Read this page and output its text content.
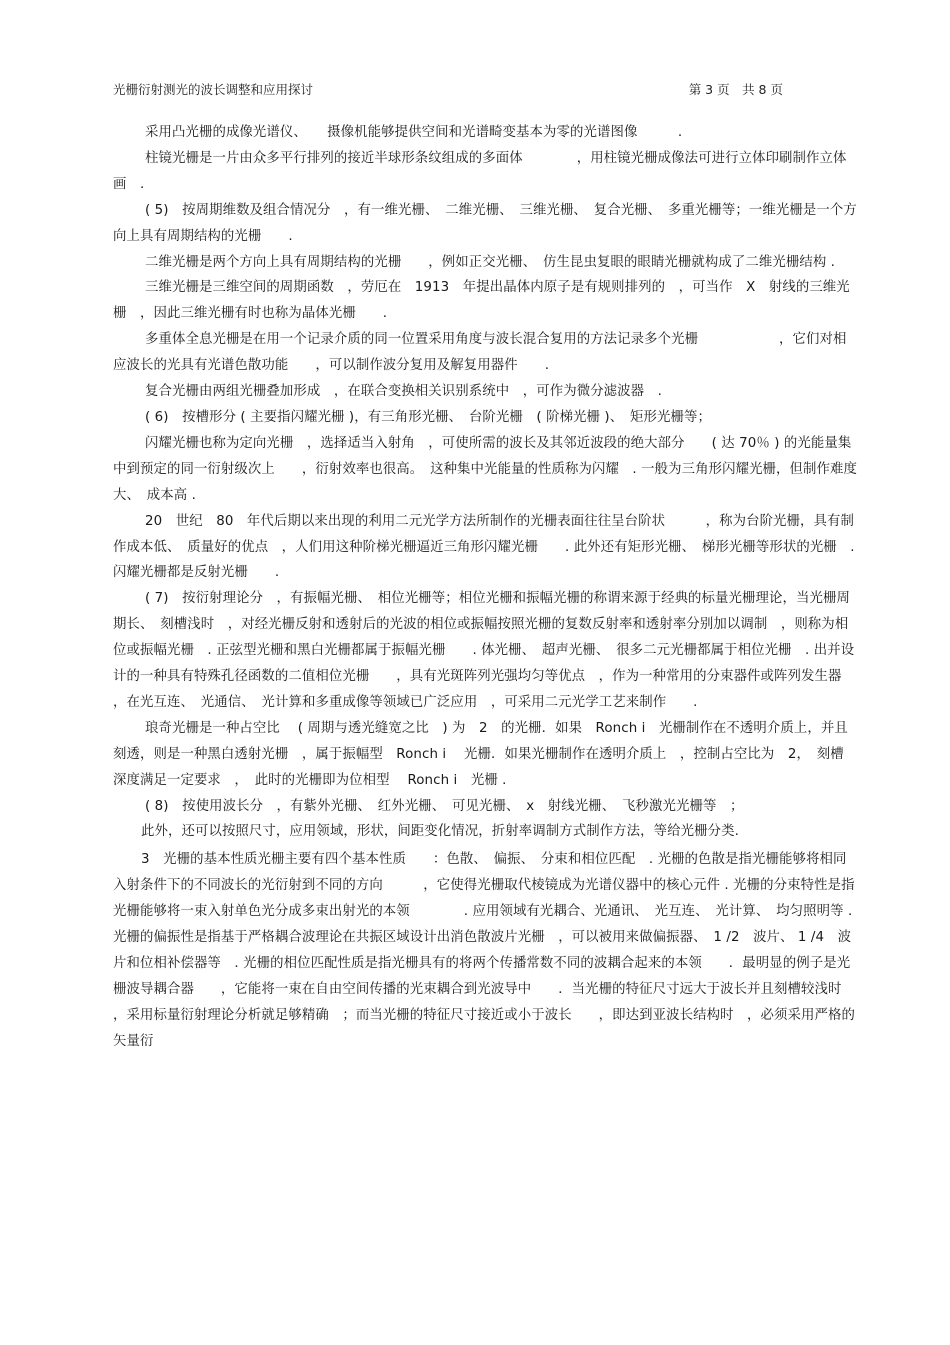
光栅衍射测光的波长调整和应用探讨	第 3 页　共 8 页

采用凸光栅的成像光谱仪、　　摄像机能够提供空间和光谱畸变基本为零的光谱图像　　　.

柱镜光栅是一片由众多平行排列的接近半球形条纹组成的多面体　　　　，用柱镜光栅成像法可进行立体印刷制作立体画　.

( 5)　按周期维数及组合情况分　，有一维光栅、　二维光栅、　三维光栅、　复合光栅、　多重光栅等；一维光栅是一个方向上具有周期结构的光栅　　.

二维光栅是两个方向上具有周期结构的光栅　　，例如正交光栅、　仿生昆虫复眼的眼睛光栅就构成了二维光栅结构 .

三维光栅是三维空间的周期函数　，劳厄在　1913　年提出晶体内原子是有规则排列的　，可当作　X　射线的三维光栅　，因此三维光栅有时也称为晶体光栅　　.

多重体全息光栅是在用一个记录介质的同一位置采用角度与波长混合复用的方法记录多个光栅　　　　　　，它们对相应波长的光具有光谱色散功能　　，可以制作波分复用及解复用器件　　.

复合光栅由两组光栅叠加形成　，在联合变换相关识别系统中　，可作为微分滤波器　.

( 6)　按槽形分 ( 主要指闪耀光栅 )，有三角形光栅、　台阶光栅　( 阶梯光栅 )、　矩形光栅等；

闪耀光栅也称为定向光栅　，选择适当入射角　，可使所需的波长及其邻近波段的绝大部分　　( 达 70％ ) 的光能量集中到预定的同一衍射级次上　　，衍射效率也很高。　这种集中光能量的性质称为闪耀　. 一般为三角形闪耀光栅，但制作难度大、　成本高 .

20　世纪　80　年代后期以来出现的利用二元光学方法所制作的光栅表面往往呈台阶状　　　，称为台阶光栅，具有制作成本低、　质量好的优点　，人们用这种阶梯光栅逼近三角形闪耀光栅　　. 此外还有矩形光栅、　梯形光栅等形状的光栅　. 闪耀光栅都是反射光栅　　.

( 7)　按衍射理论分　，有振幅光栅、　相位光栅等；相位光栅和振幅光栅的称谓来源于经典的标量光栅理论，当光栅周期长、　刻槽浅时　，对经光栅反射和透射后的光波的相位或振幅按照光栅的复数反射率和透射率分别加以调制　，则称为相位或振幅光栅　. 正弦型光栅和黑白光栅都属于振幅光栅　　. 体光栅、　超声光栅、　很多二元光栅都属于相位光栅　. 出并设计的一种具有特殊孔径函数的二值相位光栅　　，具有光斑阵列光强均匀等优点　，作为一种常用的分束器件或阵列发生器　　，在光互连、　光通信、　光计算和多重成像等领域已广泛应用　，可采用二元光学工艺来制作　　.

琅奇光栅是一种占空比　 ( 周期与透光缝宽之比　) 为　2　的光栅．如果　Ronch i　光栅制作在不透明介质上，并且刻透，则是一种黑白透射光栅　，属于振幅型　Ronch i　 光栅．如果光栅制作在透明介质上　，控制占空比为　2，　刻槽深度满足一定要求　，　此时的光栅即为位相型　 Ronch i　光栅 .

( 8)　按使用波长分　，有紫外光栅、　红外光栅、　可见光栅、　x　射线光栅、　飞秒激光光栅等　；

此外，还可以按照尺寸，应用领域，形状，间距变化情况，折射率调制方式制作方法，等给光栅分类.

3　光栅的基本性质光栅主要有四个基本性质　　：色散、　偏振、　分束和相位匹配　. 光栅的色散是指光栅能够将相同入射条件下的不同波长的光衍射到不同的方向　　　，它使得光栅取代棱镜成为光谱仪器中的核心元件 . 光栅的分束特性是指光栅能够将一束入射单色光分成多束出射光的本领　　　　. 应用领域有光耦合、光通讯、　光互连、　光计算、　均匀照明等 . 光栅的偏振性是指基于严格耦合波理论在共振区域设计出消色散波片光栅　，可以被用来做偏振器、　1 /2　波片、 1 /4　波片和位相补偿器等　. 光栅的相位匹配性质是指光栅具有的将两个传播常数不同的波耦合起来的本领　　．最明显的例子是光栅波导耦合器　　，它能将一束在自由空间传播的光束耦合到光波导中　　．当光栅的特征尺寸远大于波长并且刻槽较浅时　　，采用标量衍射理论分析就足够精确　；而当光栅的特征尺寸接近或小于波长　　，即达到亚波长结构时　，必须采用严格的矢量衍
